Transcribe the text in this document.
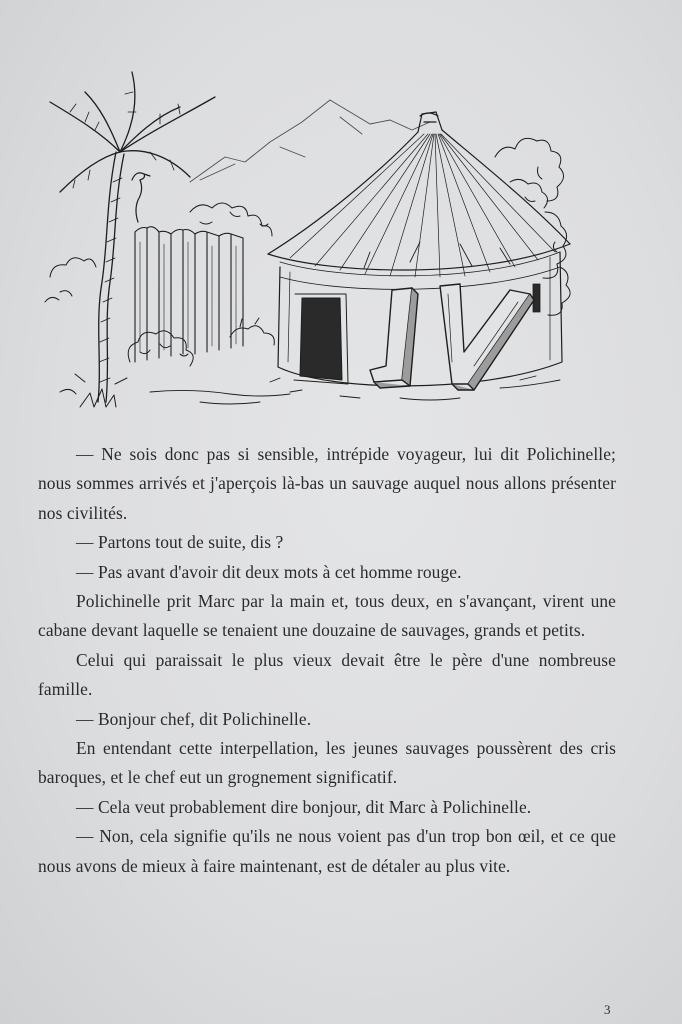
— Ne sois donc pas si sensible, intrépide voyageur, lui dit Polichinelle; nous sommes arrivés et j'aperçois là-bas un sauvage auquel nous allons présenter nos civilités.

— Partons tout de suite, dis ?

— Pas avant d'avoir dit deux mots à cet homme rouge.

Polichinelle prit Marc par la main et, tous deux, en s'avançant, virent une cabane devant laquelle se tenaient une douzaine de sauvages, grands et petits.

Celui qui paraissait le plus vieux devait être le père d'une nombreuse famille.

— Bonjour chef, dit Polichinelle.

En entendant cette interpellation, les jeunes sauvages poussèrent des cris baroques, et le chef eut un grognement significatif.

— Cela veut probablement dire bonjour, dit Marc à Polichinelle.

— Non, cela signifie qu'ils ne nous voient pas d'un trop bon œil, et ce que nous avons de mieux à faire maintenant, est de détaler au plus vite.

3
